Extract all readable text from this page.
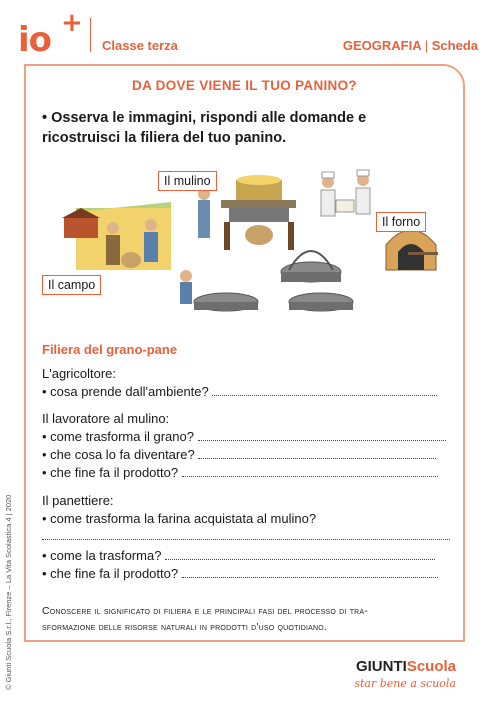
io +
Classe terza	GEOGRAFIA | Scheda
DA DOVE VIENE IL TUO PANINO?
• Osserva le immagini, rispondi alle domande e
ricostruisci la filiera del tuo panino.
Il mulino
Il forno
Il campo
Filiera del grano-pane
L'agricoltore:
• cosa prende dall'ambiente?
Il lavoratore al mulino:
• come trasforma il grano?
• che cosa lo fa diventare?
• che fine fa il prodotto?
Il panettiere:
• come trasforma la farina acquistata al mulino?
• come la trasforma?
• che fine fa il prodotto?
Conoscere il significato di filiera e le principali fasi del processo di tra-
sformazione delle risorse naturali in prodotti d'uso quotidiano.
© Giunti Scuola S.r.l., Firenze – La Vita Scolastica 4 | 2020	GIUNTIScuola
star bene a scuola
